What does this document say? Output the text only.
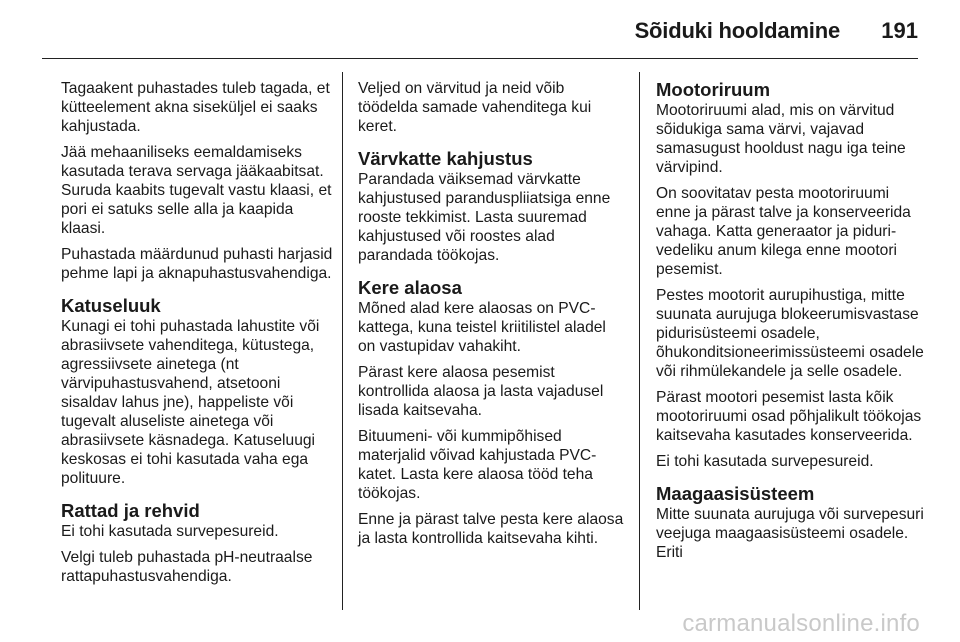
Sõiduki hooldamine 191

Tagaakent puhastades tuleb tagada, et kütteelement akna siseküljel ei saaks kahjustada.

Jää mehaaniliseks eemaldamiseks kasutada terava servaga jääkaabitsat. Suruda kaabits tugevalt vastu klaasi, et pori ei satuks selle alla ja kaapida klaasi.

Puhastada määrdunud puhasti harjasid pehme lapi ja aknapuhastusvahendiga.

Katuseluuk

Kunagi ei tohi puhastada lahustite või abrasiivsete vahenditega, kütustega, agressiivsete ainetega (nt värvipuhastusvahend, atsetooni sisaldav lahus jne), happeliste või tugevalt aluseliste ainetega või abrasiivsete käsnadega. Katuseluugi keskosas ei tohi kasutada vaha ega polituure.

Rattad ja rehvid

Ei tohi kasutada survepesureid.

Velgi tuleb puhastada pH-neutraalse rattapuhastusvahendiga.

Veljed on värvitud ja neid võib töödelda samade vahenditega kui keret.

Värvkatte kahjustus

Parandada väiksemad värvkatte kahjustused paranduspliiatsiga enne rooste tekkimist. Lasta suuremad kahjustused või roostes alad parandada töökojas.

Kere alaosa

Mõned alad kere alaosas on PVC-kattega, kuna teistel kriitilistel aladel on vastupidav vahakiht.

Pärast kere alaosa pesemist kontrollida alaosa ja lasta vajadusel lisada kaitsevaha.

Bituumeni- või kummipõhised materjalid võivad kahjustada PVC-katet. Lasta kere alaosa tööd teha töökojas.

Enne ja pärast talve pesta kere alaosa ja lasta kontrollida kaitsevaha kihti.

Mootoriruum

Mootoriruumi alad, mis on värvitud sõidukiga sama värvi, vajavad samasugust hooldust nagu iga teine värvipind.

On soovitatav pesta mootoriruumi enne ja pärast talve ja konserveerida vahaga. Katta generaator ja pidurivedeliku anum kilega enne mootori pesemist.

Pestes mootorit aurupihustiga, mitte suunata aurujuga blokeerumisvastase pidurisüsteemi osadele, õhukonditsioneerimissüsteemi osadele või rihmülekandele ja selle osadele.

Pärast mootori pesemist lasta kõik mootoriruumi osad põhjalikult töökojas kaitsevaha kasutades konserveerida.

Ei tohi kasutada survepesureid.

Maagaasisüsteem

Mitte suunata aurujuga või survepesuri veejuga maagaasisüsteemi osadele. Eriti

carmanualsonline.info
